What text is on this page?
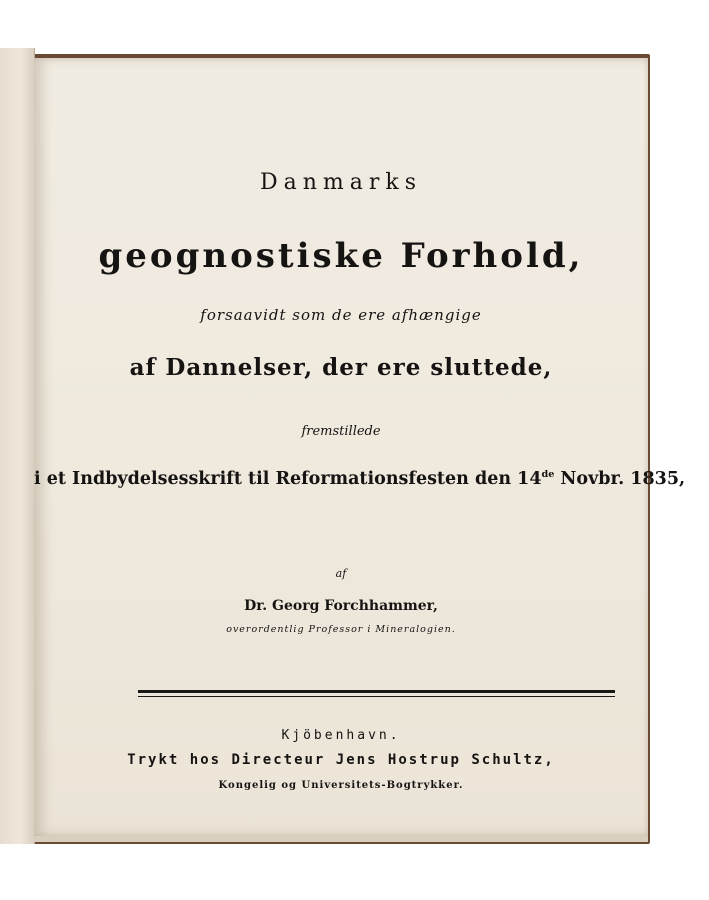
Danmarks
geognostiske Forhold,
forsaavidt som de ere afhængige
af Dannelser, der ere sluttede,
fremstillede
i et Indbydelsesskrift til Reformationsfesten den 14de Novbr. 1835,
af
Dr. Georg Forchhammer,
overordentlig Professor i Mineralogien.
Kjöbenhavn.
Trykt hos Directeur Jens Hostrup Schultz,
Kongelig og Universitets-Bogtrykker.
